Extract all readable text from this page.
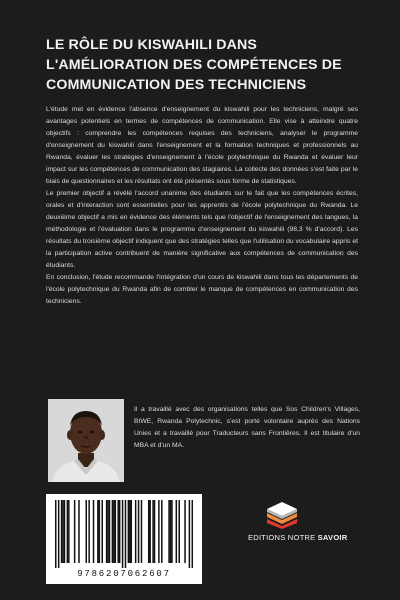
LE RÔLE DU KISWAHILI DANS
L'AMÉLIORATION DES COMPÉTENCES DE
COMMUNICATION DES TECHNICIENS

L'étude met en évidence l'absence d'enseignement du kiswahili pour les techniciens, malgré ses avantages potentiels en termes de compétences de communication. Elle vise à atteindre quatre objectifs : comprendre les compétences requises des techniciens, analyser le programme d'enseignement du kiswahili dans l'enseignement et la formation techniques et professionnels au Rwanda, évaluer les stratégies d'enseignement à l'école polytechnique du Rwanda et évaluer leur impact sur les compétences de communication des stagiaires. La collecte des données s'est faite par le biais de questionnaires et les résultats ont été présentés sous forme de statistiques.

Le premier objectif a révélé l'accord unanime des étudiants sur le fait que les compétences écrites, orales et d'interaction sont essentielles pour les apprentis de l'école polytechnique du Rwanda. Le deuxième objectif a mis en évidence des éléments tels que l'objectif de l'enseignement des langues, la méthodologie et l'évaluation dans le programme d'enseignement du kiswahili (98,3 % d'accord). Les résultats du troisième objectif indiquent que des stratégies telles que l'utilisation du vocabulaire appris et la participation active contribuent de manière significative aux compétences de communication des étudiants.

En conclusion, l'étude recommande l'intégration d'un cours de kiswahili dans tous les départements de l'école polytechnique du Rwanda afin de combler le manque de compétences en communication des techniciens.

Il a travaillé avec des organisations telles que Sos Children's Villages, BIWE, Rwanda Polytechnic, s'est porté volontaire auprès des Nations Unies et a travaillé pour Traducteurs sans Frontières. Il est titulaire d'un MBA et d'un MA.

EDITIONS NOTRE SAVOIR
9786207062607
